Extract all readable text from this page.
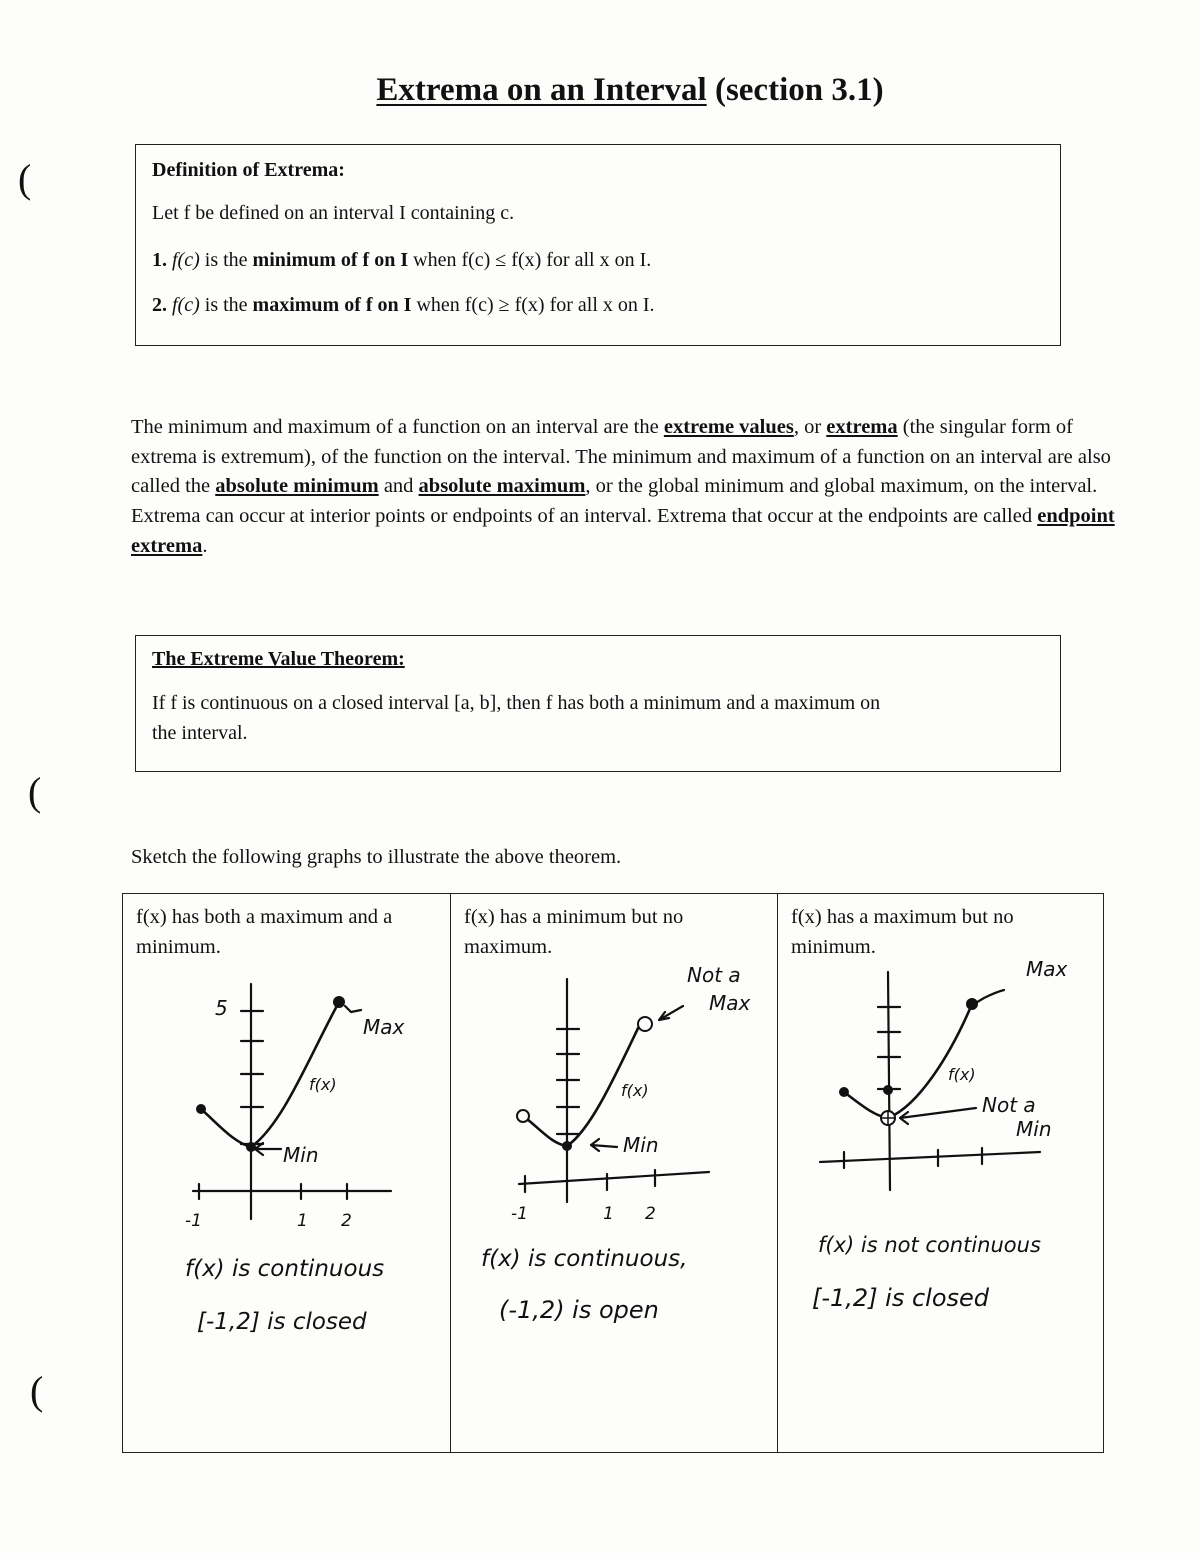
Extrema on an Interval (section 3.1)
(
(
(
Definition of Extrema:
Let f be defined on an interval I containing c.
1. f(c) is the minimum of f on I when f(c) ≤ f(x) for all x on I.
2. f(c) is the maximum of f on I when f(c) ≥ f(x) for all x on I.
The minimum and maximum of a function on an interval are the extreme values, or extrema (the singular form of extrema is extremum), of the function on the interval. The minimum and maximum of a function on an interval are also called the absolute minimum and absolute maximum, or the global minimum and global maximum, on the interval. Extrema can occur at interior points or endpoints of an interval. Extrema that occur at the endpoints are called endpoint extrema.
The Extreme Value Theorem:
If f is continuous on a closed interval [a, b], then f has both a minimum and a maximum on
the interval.
Sketch the following graphs to illustrate the above theorem.
f(x) has both a maximum and a minimum.
5
Max
f(x)
Min
-1	1 2
f(x) is continuous
[-1,2] is closed
f(x) has a minimum but no maximum.
Not a
Max
f(x)
Min
-1	1 2
f(x) is continuous,
(-1,2) is open
f(x) has a maximum but no minimum.
Max
f(x)
Not a
Min
f(x) is not continuous
[-1,2] is closed
